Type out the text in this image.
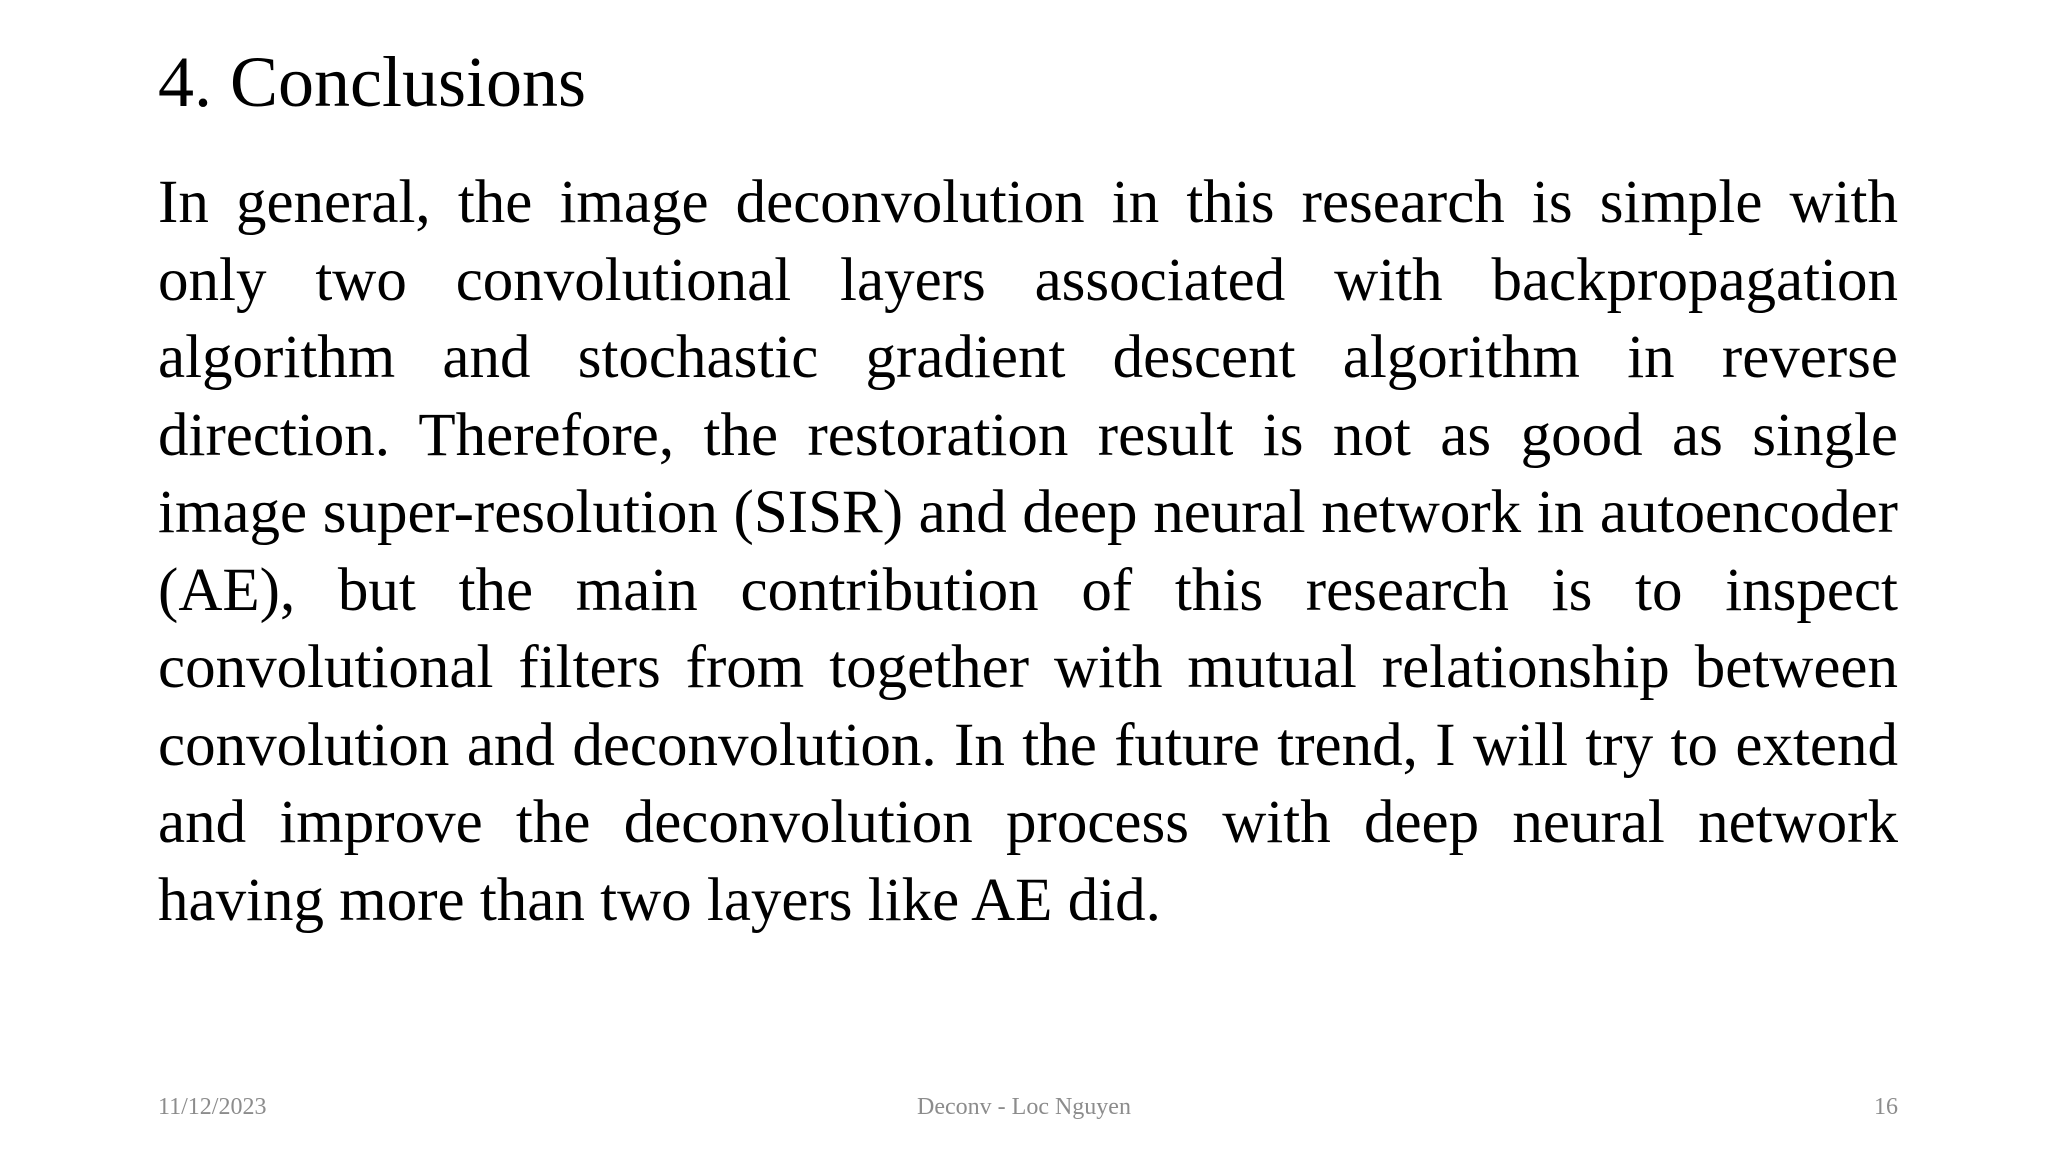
4. Conclusions

In general, the image deconvolution in this research is simple with only two convolutional layers associated with backpropagation algorithm and stochastic gradient descent algorithm in reverse direction. Therefore, the restoration result is not as good as single image super-resolution (SISR) and deep neural network in autoencoder (AE), but the main contribution of this research is to inspect convolutional filters from together with mutual relationship between convolution and deconvolution. In the future trend, I will try to extend and improve the deconvolution process with deep neural network having more than two layers like AE did.

Deconv - Loc Nguyen
11/12/2023	16
